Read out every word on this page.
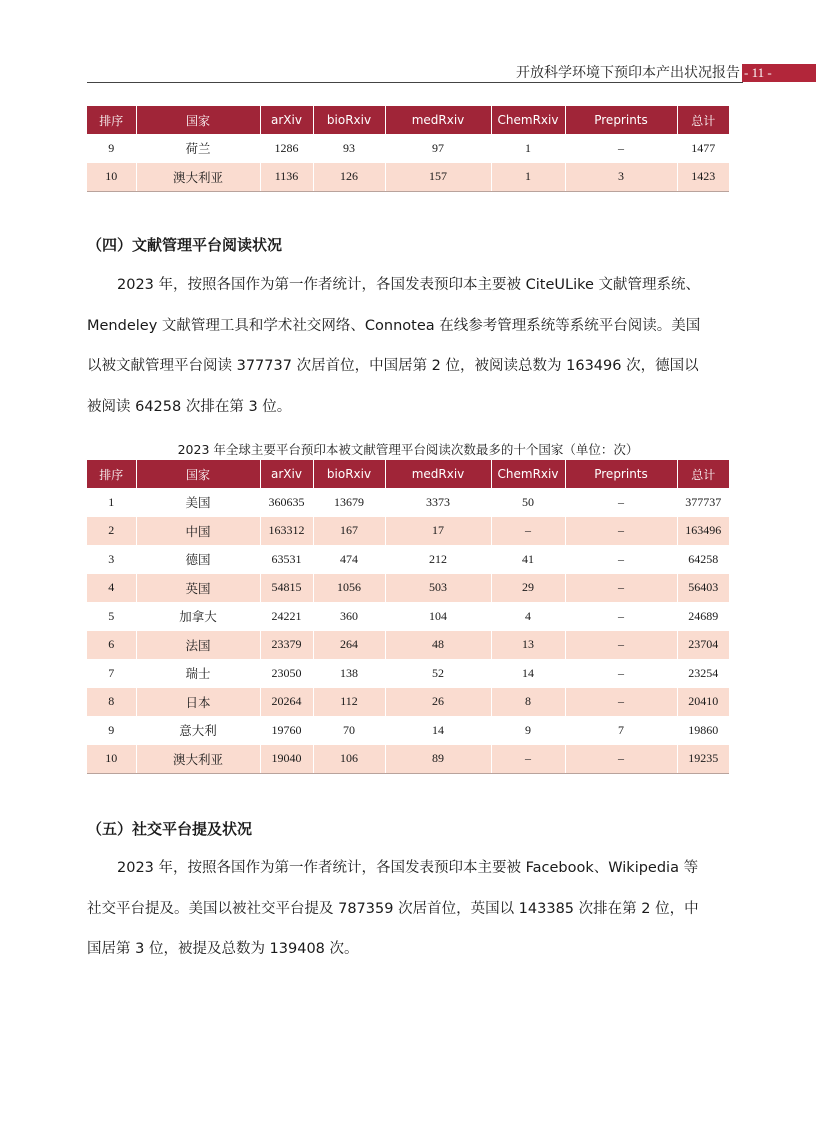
开放科学环境下预印本产出状况报告 - 11 -
排序	国家	arXiv	bioRxiv	medRxiv	ChemRxiv	Preprints	总计
9	荷兰	1286	93	97	1	–	1477
10	澳大利亚	1136	126	157	1	3	1423
（四）文献管理平台阅读状况
2023 年，按照各国作为第一作者统计，各国发表预印本主要被 CiteULike 文献管理系统、
Mendeley 文献管理工具和学术社交网络、Connotea 在线参考管理系统等系统平台阅读。美国
以被文献管理平台阅读 377737 次居首位，中国居第 2 位，被阅读总数为 163496 次，德国以
被阅读 64258 次排在第 3 位。
2023 年全球主要平台预印本被文献管理平台阅读次数最多的十个国家（单位：次）
排序	国家	arXiv	bioRxiv	medRxiv	ChemRxiv	Preprints	总计
1	美国	360635	13679	3373	50	–	377737
2	中国	163312	167	17	–	–	163496
3	德国	63531	474	212	41	–	64258
4	英国	54815	1056	503	29	–	56403
5	加拿大	24221	360	104	4	–	24689
6	法国	23379	264	48	13	–	23704
7	瑞士	23050	138	52	14	–	23254
8	日本	20264	112	26	8	–	20410
9	意大利	19760	70	14	9	7	19860
10	澳大利亚	19040	106	89	–	–	19235
（五）社交平台提及状况
2023 年，按照各国作为第一作者统计，各国发表预印本主要被 Facebook、Wikipedia 等
社交平台提及。美国以被社交平台提及 787359 次居首位，英国以 143385 次排在第 2 位，中
国居第 3 位，被提及总数为 139408 次。
